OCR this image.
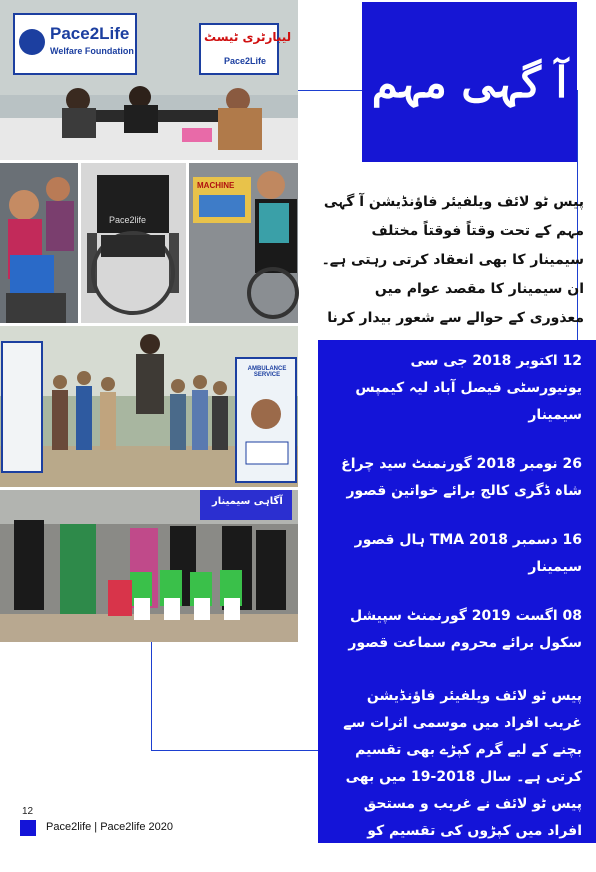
Pace2Life
Welfare Foundation
لیبارٹری ٹیسٹ
Pace2Life
Pace2life
MACHINE
AMBULANCE SERVICE
آگاہی سیمینار
آ گہی مہم

پیس ٹو لائف ویلفیئر فاؤنڈیشن آ گہی مہم کے تحت وقتاً فوقتاً مختلف سیمینار کا بھی انعقاد کرتی رہتی ہے۔ان سیمینار کا مقصد عوام میں معذوری کے حوالے سے شعور بیدار کرنا

12 اکتوبر 2018 جی سی یونیورسٹی فیصل آباد لیہ کیمپس سیمینار

26 نومبر 2018 گورنمنٹ سید چراغ شاہ ڈگری کالج برائے خواتین قصور

16 دسمبر 2018 TMA ہال قصور سیمینار

08 اگست 2019 گورنمنٹ سپیشل سکول برائے محروم سماعت قصور

پیس ٹو لائف ویلفیئر فاؤنڈیشن غریب افراد میں موسمی اثرات سے بچنے کے لیے گرم کپڑے بھی تقسیم کرتی ہے۔ سال 2018-19 میں بھی پیس ٹو لائف نے غریب و مستحق افراد میں کپڑوں کی تقسیم کو یقینی بنایا۔

12
Pace2life | Pace2life 2020
